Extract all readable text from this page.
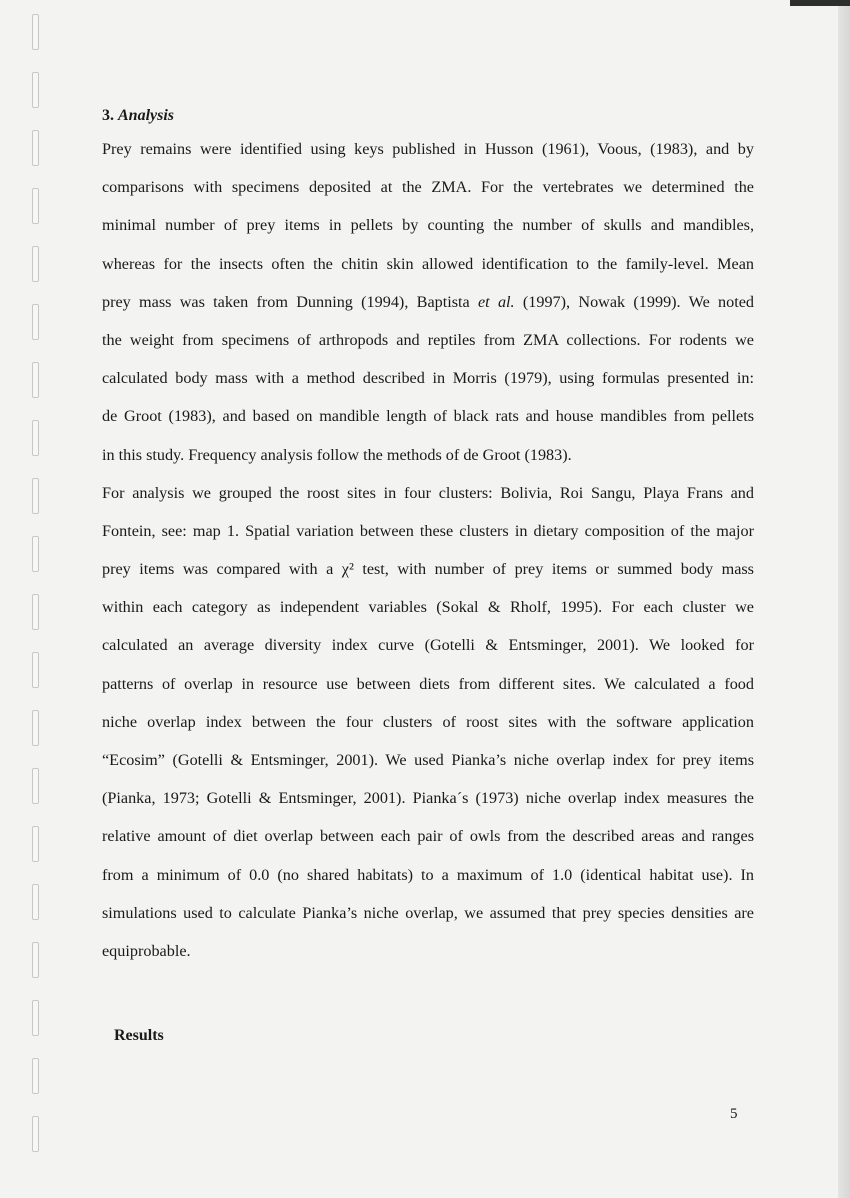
3. Analysis

Prey remains were identified using keys published in Husson (1961), Voous, (1983), and by

comparisons with specimens deposited at the ZMA. For the vertebrates we determined the

minimal number of prey items in pellets by counting the number of skulls and mandibles,

whereas for the insects often the chitin skin allowed identification to the family-level. Mean

prey mass was taken from Dunning (1994), Baptista et al. (1997), Nowak (1999). We noted

the weight from specimens of arthropods and reptiles from ZMA collections. For rodents we

calculated body mass with a method described in Morris (1979), using formulas presented in:

de Groot (1983), and based on mandible length of black rats and house mandibles from pellets

in this study. Frequency analysis follow the methods of de Groot (1983).

For analysis we grouped the roost sites in four clusters: Bolivia, Roi Sangu, Playa Frans and

Fontein, see: map 1. Spatial variation between these clusters in dietary composition of the major

prey items was compared with a χ² test, with number of prey items or summed body mass

within each category as independent variables (Sokal & Rholf, 1995). For each cluster we

calculated an average diversity index curve (Gotelli & Entsminger, 2001). We looked for

patterns of overlap in resource use between diets from different sites. We calculated a food

niche overlap index between the four clusters of roost sites with the software application

“Ecosim” (Gotelli & Entsminger, 2001). We used Pianka’s niche overlap index for prey items

(Pianka, 1973; Gotelli & Entsminger, 2001). Pianka´s (1973) niche overlap index measures the

relative amount of diet overlap between each pair of owls from the described areas and ranges

from a minimum of 0.0 (no shared habitats) to a maximum of 1.0 (identical habitat use). In

simulations used to calculate Pianka’s niche overlap, we assumed that prey species densities are

equiprobable.

Results
5
